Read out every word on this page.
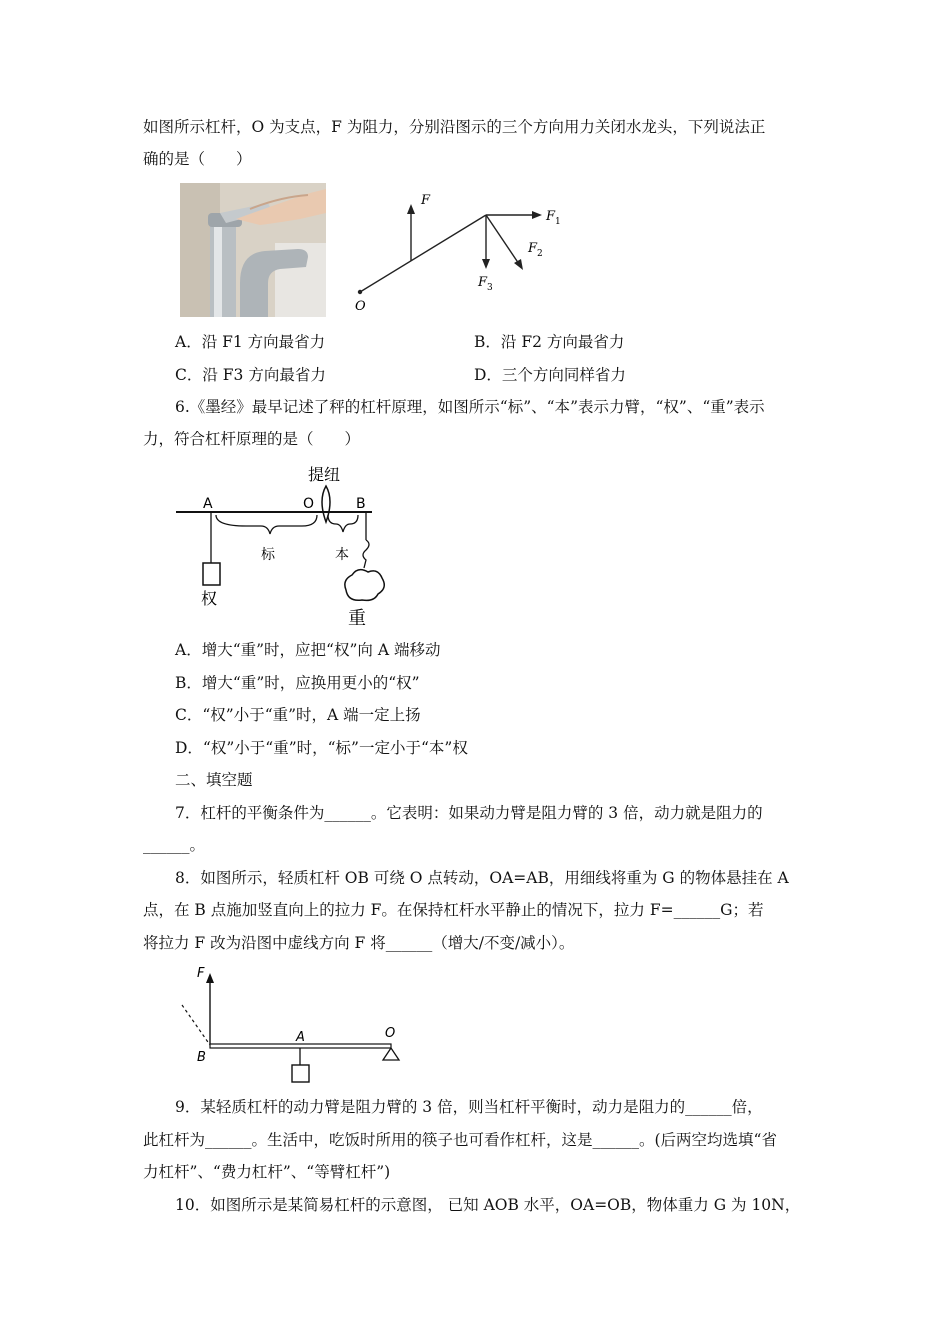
如图所示杠杆，O 为支点，F 为阻力，分别沿图示的三个方向用力关闭水龙头，下列说法正
确的是（　　）
F
F 1
F 2
F 3
O
A．沿 F1 方向最省力	B．沿 F2 方向最省力
C．沿 F3 方向最省力	D．三个方向同样省力
6.《墨经》最早记述了秤的杠杆原理，如图所示“标”、“本”表示力臂，“权”、“重”表示
力，符合杠杆原理的是（　　）
提纽
A	O	B
标	本
权
重
A．增大“重”时，应把“权”向 A 端移动
B．增大“重”时，应换用更小的“权”
C．“权”小于“重”时，A 端一定上扬
D．“权”小于“重”时，“标”一定小于“本”权
二、填空题
7．杠杆的平衡条件为______。它表明：如果动力臂是阻力臂的 3 倍，动力就是阻力的
______。
8．如图所示，轻质杠杆 OB 可绕 O 点转动，OA=AB，用细线将重为 G 的物体悬挂在 A
点，在 B 点施加竖直向上的拉力 F。在保持杠杆水平静止的情况下，拉力 F=______G；若
将拉力 F 改为沿图中虚线方向 F 将______（增大/不变/减小）。
F
B
A	O
9．某轻质杠杆的动力臂是阻力臂的 3 倍，则当杠杆平衡时，动力是阻力的______倍，
此杠杆为______。生活中，吃饭时所用的筷子也可看作杠杆，这是______。(后两空均选填“省
力杠杆”、“费力杠杆”、“等臂杠杆”)
10．如图所示是某简易杠杆的示意图， 已知 AOB 水平，OA=OB，物体重力 G 为 10N，
